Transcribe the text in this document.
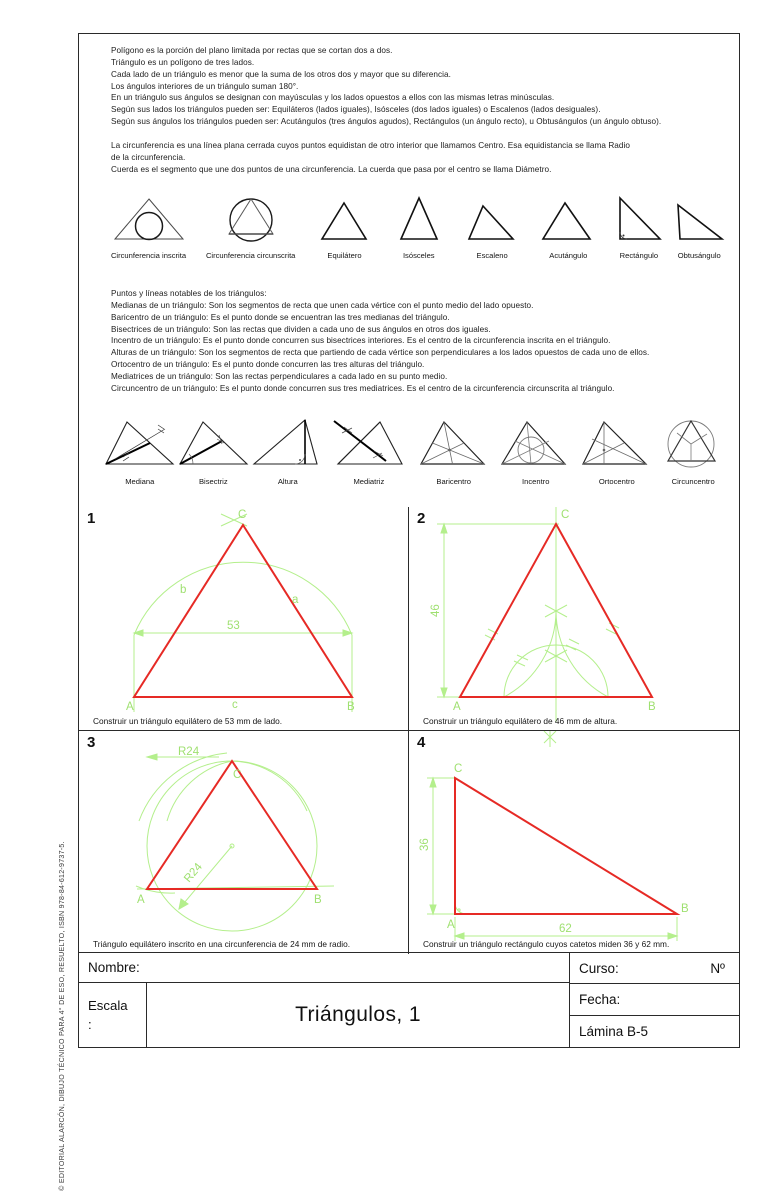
© EDITORIAL ALARCÓN, DIBUJO TÉCNICO PARA 4° DE ESO, RESUELTO, ISBN 978-84-612-9737-5.

Polígono es la porción del plano limitada por rectas que se cortan dos a dos.

Triángulo es un polígono de tres lados.

Cada lado de un triángulo es menor que la suma de los otros dos y mayor que su diferencia.

Los ángulos interiores de un triángulo suman 180°.

En un triángulo sus ángulos se designan con mayúsculas y los lados opuestos a ellos con las mismas letras minúsculas.

Según sus lados los triángulos pueden ser: Equiláteros (lados iguales), Isósceles (dos lados iguales) o Escalenos (lados desiguales).

Según sus ángulos los triángulos pueden ser: Acutángulos (tres ángulos agudos), Rectángulos (un ángulo recto), u Obtusángulos (un ángulo obtuso).

La circunferencia es una línea plana cerrada cuyos puntos equidistan de otro interior que llamamos Centro. Esa equidistancia se llama Radio

de la circunferencia.

Cuerda es el segmento que une dos puntos de una circunferencia. La cuerda que pasa por el centro se llama Diámetro.

Circunferencia inscrita	Circunferencia circunscrita	Equilátero	Isósceles	Escaleno	Acutángulo	Rectángulo	Obtusángulo

Puntos y líneas notables de los triángulos:

Medianas de un triángulo: Son los segmentos de recta que unen cada vértice con el punto medio del lado opuesto.

Baricentro de un triángulo: Es el punto donde se encuentran las tres medianas del triángulo.

Bisectrices de un triángulo: Son las rectas que dividen a cada uno de sus ángulos en otros dos iguales.

Incentro de un triángulo: Es el punto donde concurren sus bisectrices interiores. Es el centro de la circunferencia inscrita en el triángulo.

Alturas de un triángulo: Son los segmentos de recta que partiendo de cada vértice son perpendiculares a los lados opuestos de cada uno de ellos.

Ortocentro de un triángulo: Es el punto donde concurren las tres alturas del triángulo.

Mediatrices de un triángulo: Son las rectas perpendiculares a cada lado en su punto medio.

Circuncentro de un triángulo: Es el punto donde concurren sus tres mediatrices. Es el centro de la circunferencia circunscrita al triángulo.

Mediana	Bisectriz	Altura	Mediatriz	Baricentro	Incentro	Ortocentro	Circuncentro
1	C
A	B
b
a
c
53
Construir un triángulo equilátero de 53 mm de lado.
2	C
A	B
46
Construir un triángulo equilátero de 46 mm de altura.
3
C
A	B
R24
R24
Triángulo equilátero inscrito en una circunferencia de 24 mm de radio.
4
C
A
B
36
62
Construir un triángulo rectángulo cuyos catetos miden 36 y 62 mm.
Nombre:
Escala
:	Triángulos, 1
Curso:	Nº
Fecha:
Lámina B-5
